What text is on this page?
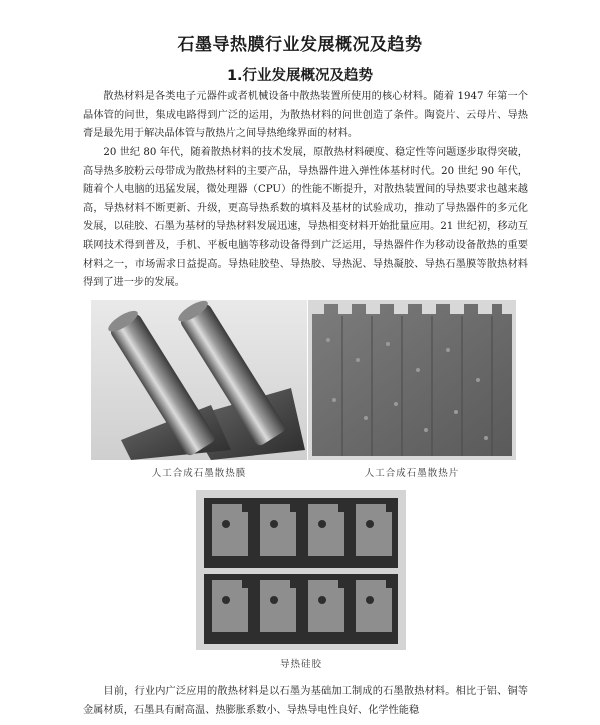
石墨导热膜行业发展概况及趋势
1.行业发展概况及趋势

散热材料是各类电子元器件或者机械设备中散热装置所使用的核心材料。随着 1947 年第一个晶体管的问世，集成电路得到广泛的运用，为散热材料的问世创造了条件。陶瓷片、云母片、导热膏是最先用于解决晶体管与散热片之间导热绝缘界面的材料。

20 世纪 80 年代，随着散热材料的技术发展，原散热材料硬度、稳定性等问题逐步取得突破，高导热多胶粉云母带成为散热材料的主要产品，导热器件进入弹性体基材时代。20 世纪 90 年代，随着个人电脑的迅猛发展，微处理器（CPU）的性能不断提升，对散热装置间的导热要求也越来越高，导热材料不断更新、升级，更高导热系数的填料及基材的试验成功，推动了导热器件的多元化发展，以硅胶、石墨为基材的导热材料发展迅速，导热相变材料开始批量应用。21 世纪初，移动互联网技术得到普及，手机、平板电脑等移动设备得到广泛运用，导热器件作为移动设备散热的重要材料之一，市场需求日益提高。导热硅胶垫、导热胶、导热泥、导热凝胶、导热石墨膜等散热材料得到了进一步的发展。

人工合成石墨散热膜	人工合成石墨散热片
导热硅胶

目前，行业内广泛应用的散热材料是以石墨为基础加工制成的石墨散热材料。相比于铝、铜等金属材质，石墨具有耐高温、热膨胀系数小、导热导电性良好、化学性能稳
